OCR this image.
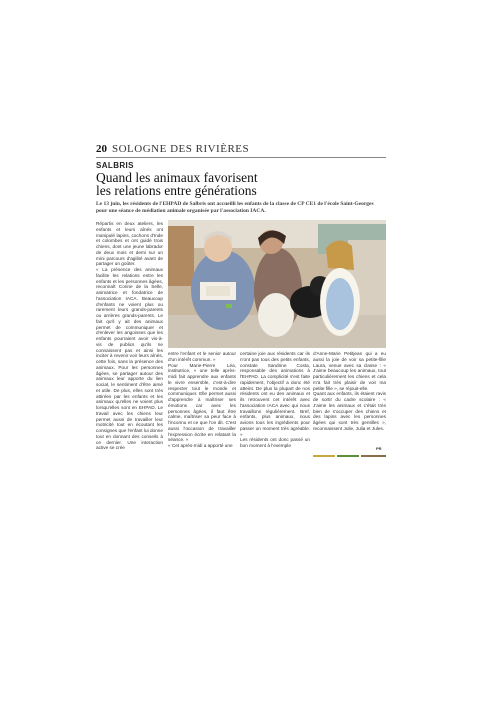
20 SOLOGNE DES RIVIÈRES
SALBRIS
Quand les animaux favorisent
les relations entre générations
Le 13 juin, les résidents de l'EHPAD de Salbris ont accueilli les enfants de la classe de CP CE1 de l'école Saint-Georges pour une séance de médiation animale organisée par l'association IACA.

Répartis en deux ateliers, les enfants et leurs aînés ont manipulé lapins, cochons d'Inde et colombes et ont guidé trois chiens, dont une jeune labrador de deux mois et demi sur un mini parcours d'agilité avant de partager un goûter.

« La présence des animaux facilite les relations entre les enfants et les personnes âgées, reconnaît Corine de la Selle, animatrice et fondatrice de l'association IACA. Beaucoup d'enfants ne voient plus ou rarement leurs grands-parents ou arrières grands-parents. Le fait qu'il y ait des animaux permet de communiquer et d'enlever les angoisses que les enfants pourraient avoir vis-à-vis de publics qu'ils ne connaissent pas et ainsi les inciter à revenir voir leurs aînés, cette fois, sans la présence des animaux. Pour les personnes âgées, se partager autour des animaux leur apporte du lien social, le sentiment d'être aimé et utile. De plus, elles sont très attirées par les enfants et les animaux qu'elles ne voient plus lorsqu'elles sont en EHPAD. Le travail avec les chiens leur permet aussi de travailler leur motricité tout en écoutant les consignes que l'enfant lui donne tout en donnant des conseils à ce dernier. Une interaction active se crée

entre l'enfant et le senior autour d'un intérêt commun. »

Pour Marie-Pierre Léa, institutrice, « une telle après-midi fait apprendre aux enfants le vivre ensemble, c'est-à-dire respecter tout le monde et communiquer. Elle permet aussi d'apprendre à maîtriser ses émotions car avec les personnes âgées, il faut être calme, maîtriser sa peur face à l'inconnu et ce que l'on dit. C'est aussi l'occasion de travailler l'expression écrite en relatant la séance. »

« Cet après-midi a apporté une

certaine joie aux résidents car ils n'ont pas tous des petits enfants, constate Sandrine Costa, responsable des animations à l'EHPAD. La complicité s'est faite rapidement, l'objectif a donc été atteint. De plus la plupart de nos résidents ont eu des animaux et ils retrouvent cet intérêt avec l'association IACA avec qui nous travaillons régulièrement. Bref, enfants, plus animaux, nous avions tous les ingrédients pour passer un moment très agréable. »

Les résidents ont donc passé un bon moment à l'exemple

d'Anne-Marie Petitjean qui a eu aussi la joie de voir sa petite-fille Laura, venue avec sa classe : « J'aime beaucoup les animaux, tout particulièrement les chiens et cela m'a fait très plaisir de voir ma petite fille », se réjouit-elle.

Quant aux enfants, ils étaient ravis de sortir du cadre scolaire : « J'aime les animaux et c'était très bien de s'occuper des chiens et des lapins avec les personnes âgées qui sont très gentilles », reconnaissent Julie, Julia et Jules.

PR
